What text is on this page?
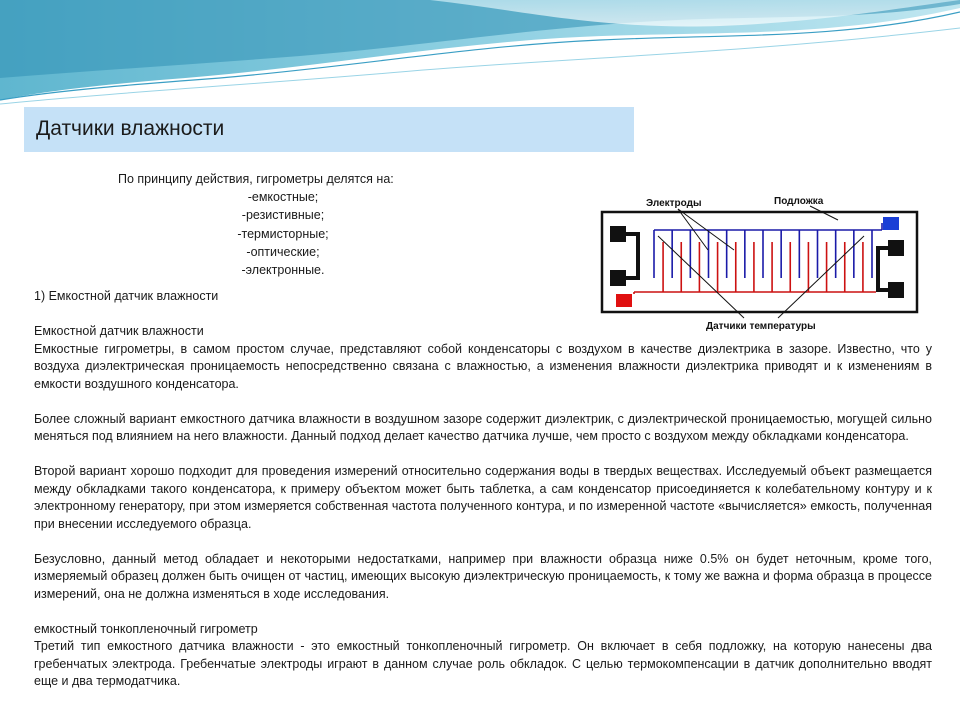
Датчики влажности
По принципу действия, гигрометры делятся на:
-емкостные;
-резистивные;
-термисторные;
-оптические;
-электронные.
Электроды	Подложка
Датчики температуры

1) Емкостной датчик влажности

Емкостной датчик влажности

Емкостные гигрометры, в самом простом случае, представляют собой конденсаторы с воздухом в качестве диэлектрика в зазоре. Известно, что у воздуха диэлектрическая проницаемость непосредственно связана с влажностью, а изменения влажности диэлектрика приводят и к изменениям в емкости воздушного конденсатора.

Более сложный вариант емкостного датчика влажности в воздушном зазоре содержит диэлектрик, с диэлектрической проницаемостью, могущей сильно меняться под влиянием на него влажности. Данный подход делает качество датчика лучше, чем просто с воздухом между обкладками конденсатора.

Второй вариант хорошо подходит для проведения измерений относительно содержания воды в твердых веществах. Исследуемый объект размещается между обкладками такого конденсатора, к примеру объектом может быть таблетка, а сам конденсатор присоединяется к колебательному контуру и к электронному генератору, при этом измеряется собственная частота полученного контура, и по измеренной частоте «вычисляется» емкость, полученная при внесении исследуемого образца.

Безусловно, данный метод обладает и некоторыми недостатками, например при влажности образца ниже 0.5% он будет неточным, кроме того, измеряемый образец должен быть очищен от частиц, имеющих высокую диэлектрическую проницаемость, к тому же важна и форма образца в процессе измерений, она не должна изменяться в ходе исследования.

емкостный тонкопленочный гигрометр

Третий тип емкостного датчика влажности - это емкостный тонкопленочный гигрометр. Он включает в себя подложку, на которую нанесены два гребенчатых электрода. Гребенчатые электроды играют в данном случае роль обкладок. С целью термокомпенсации в датчик дополнительно вводят еще и два термодатчика.
